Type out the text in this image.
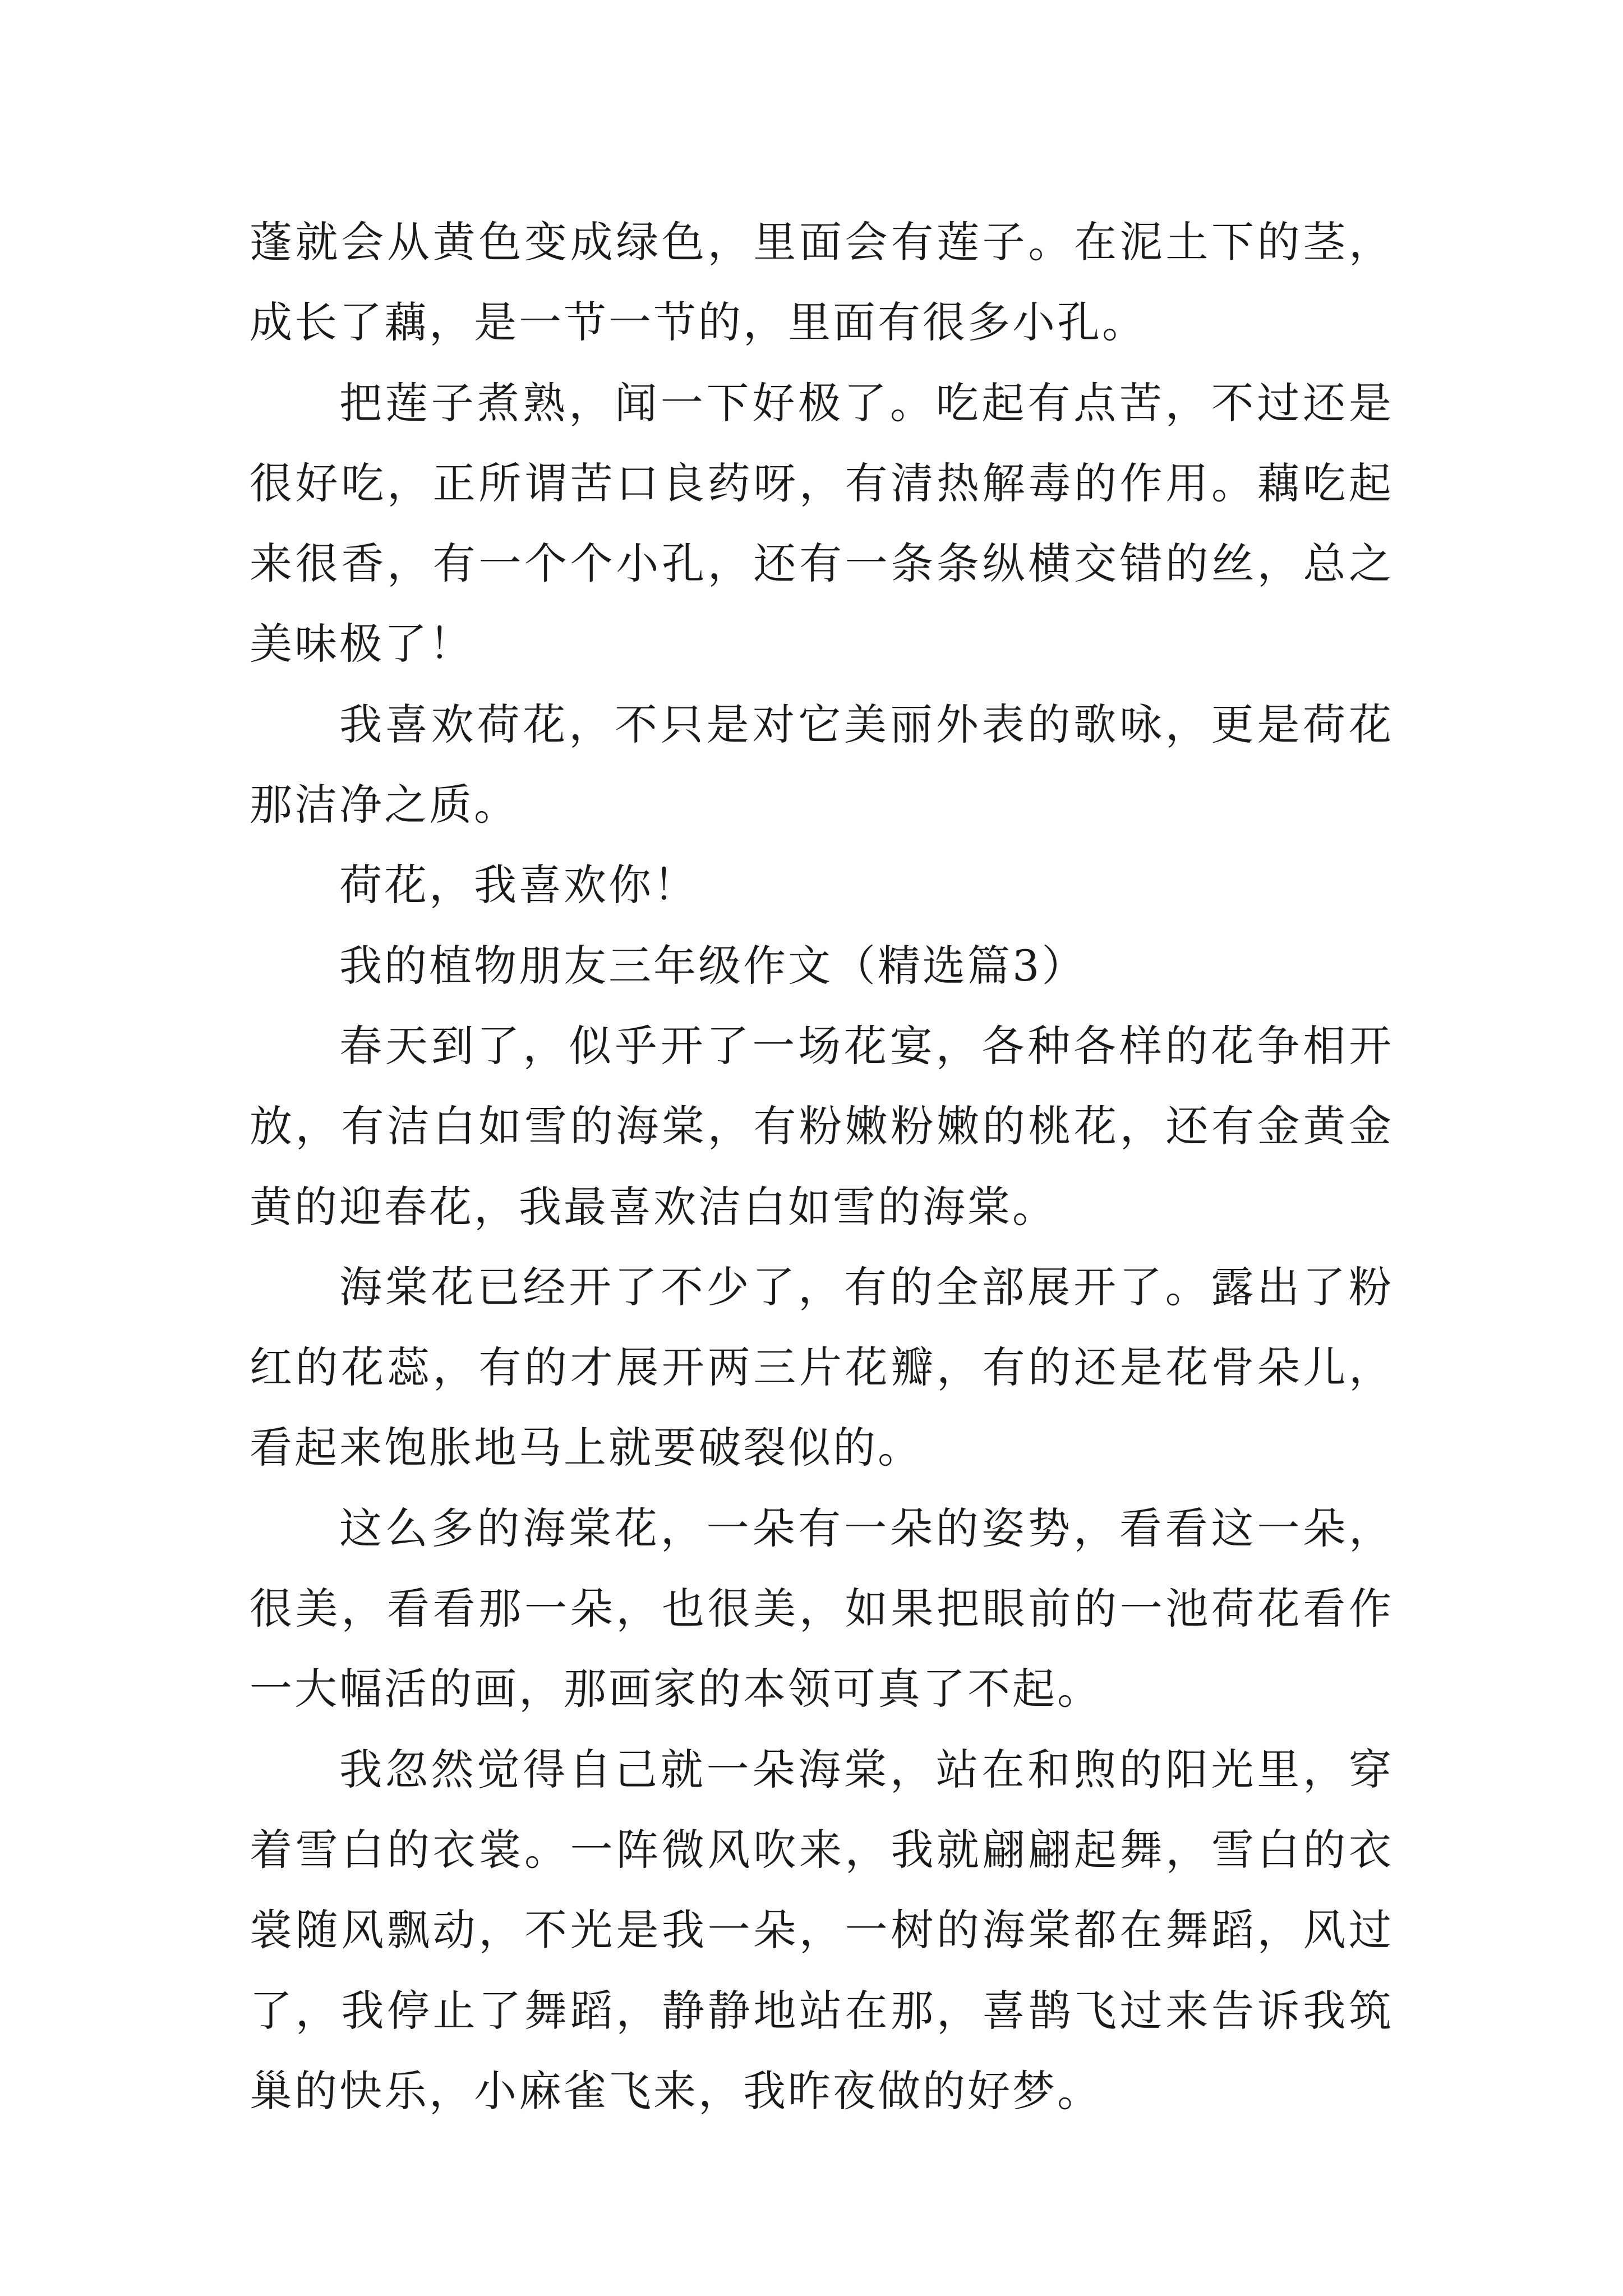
蓬就会从黄色变成绿色，里面会有莲子。在泥土下的茎，成长了藕，是一节一节的，里面有很多小孔。

把莲子煮熟，闻一下好极了。吃起有点苦，不过还是很好吃，正所谓苦口良药呀，有清热解毒的作用。藕吃起来很香，有一个个小孔，还有一条条纵横交错的丝，总之美味极了！

我喜欢荷花，不只是对它美丽外表的歌咏，更是荷花那洁净之质。

荷花，我喜欢你！

我的植物朋友三年级作文（精选篇3）

春天到了，似乎开了一场花宴，各种各样的花争相开放，有洁白如雪的海棠，有粉嫩粉嫩的桃花，还有金黄金黄的迎春花，我最喜欢洁白如雪的海棠。

海棠花已经开了不少了，有的全部展开了。露出了粉红的花蕊，有的才展开两三片花瓣，有的还是花骨朵儿，看起来饱胀地马上就要破裂似的。

这么多的海棠花，一朵有一朵的姿势，看看这一朵，很美，看看那一朵，也很美，如果把眼前的一池荷花看作一大幅活的画，那画家的本领可真了不起。

我忽然觉得自己就一朵海棠，站在和煦的阳光里，穿着雪白的衣裳。一阵微风吹来，我就翩翩起舞，雪白的衣裳随风飘动，不光是我一朵，一树的海棠都在舞蹈，风过了，我停止了舞蹈，静静地站在那，喜鹊飞过来告诉我筑巢的快乐，小麻雀飞来，我昨夜做的好梦。
